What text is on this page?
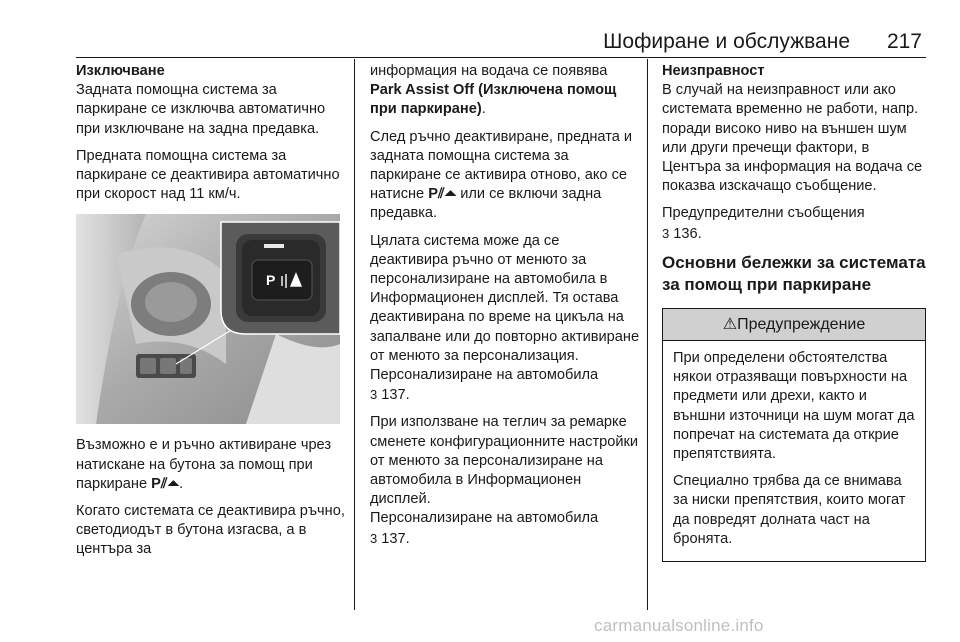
Шофиране и обслужване 217
Изключване

Задната помощна система за паркиране се изключва автоматично при изключване на задна предавка.

Предната помощна система за паркиране се деактивира автоматично при скорост над 11 км/ч.

P

Възможно е и ръчно активиране чрез натискане на бутона за помощ при паркиране P⫽⏶.

Когато системата се деактивира ръчно, светодиодът в бутона изгасва, а в центъра за

информация на водача се появява Park Assist Off (Изключена помощ при паркиране).

След ръчно деактивиране, предната и задната помощна система за паркиране се активира отново, ако се натисне P⫽⏶ или се включи задна предавка.

Цялата система може да се деактивира ръчно от менюто за персонализиране на автомобила в Информационен дисплей. Тя остава деактивирана по време на цикъла на запалване или до повторно активиране от менюто за персонализация.

Персонализиране на автомобила
3 137.

При използване на теглич за ремарке сменете конфигурационните настройки от менюто за персонализиране на автомобила в Информационен дисплей.

Персонализиране на автомобила
3 137.

Неизправност

В случай на неизправност или ако системата временно не работи, напр. поради високо ниво на външен шум или други пречещи фактори, в Центъра за информация на водача се показва изскачащо съобщение.

Предупредителни съобщения
3 136.

Основни бележки за системата за помощ при паркиране
⚠Предупреждение

При определени обстоятелства някои отразяващи повърхности на предмети или дрехи, както и външни източници на шум могат да попречат на системата да открие препятствията.

Специално трябва да се внимава за ниски препятствия, които могат да повредят долната част на бронята.

carmanualsonline.info
